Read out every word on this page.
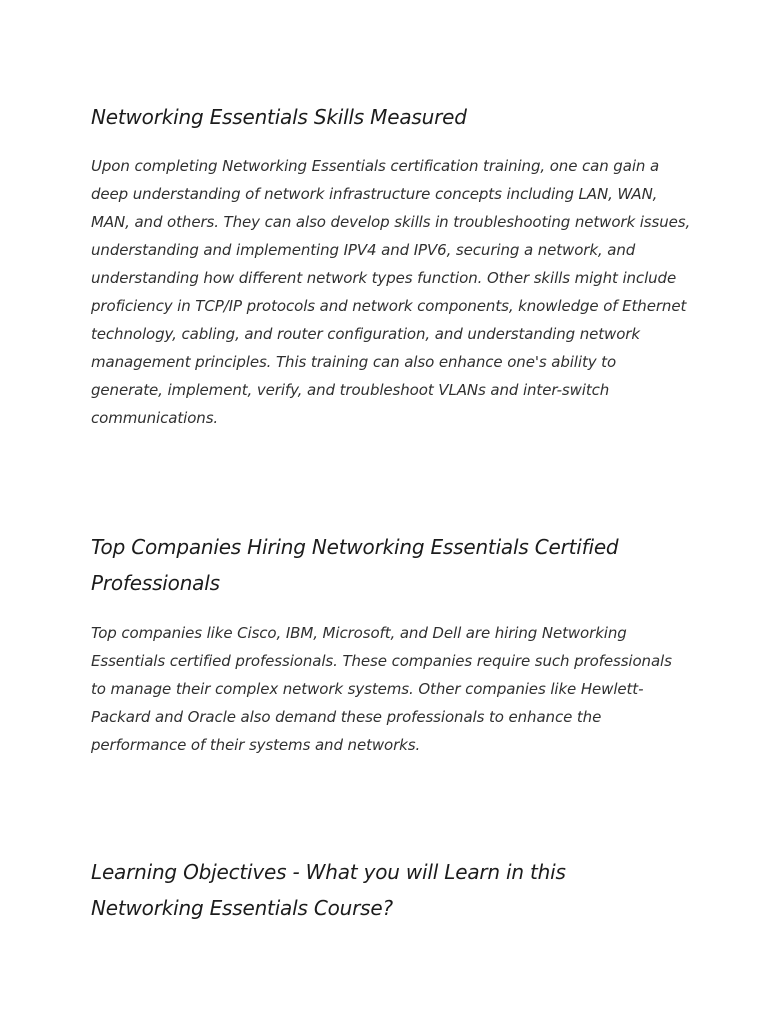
Networking Essentials Skills Measured

Upon completing Networking Essentials certification training, one can gain a deep understanding of network infrastructure concepts including LAN, WAN, MAN, and others. They can also develop skills in troubleshooting network issues, understanding and implementing IPV4 and IPV6, securing a network, and understanding how different network types function. Other skills might include proficiency in TCP/IP protocols and network components, knowledge of Ethernet technology, cabling, and router configuration, and understanding network management principles. This training can also enhance one's ability to generate, implement, verify, and troubleshoot VLANs and inter-switch communications.

Top Companies Hiring Networking Essentials Certified Professionals

Top companies like Cisco, IBM, Microsoft, and Dell are hiring Networking Essentials certified professionals. These companies require such professionals to manage their complex network systems. Other companies like Hewlett-Packard and Oracle also demand these professionals to enhance the performance of their systems and networks.

Learning Objectives - What you will Learn in this Networking Essentials Course?
